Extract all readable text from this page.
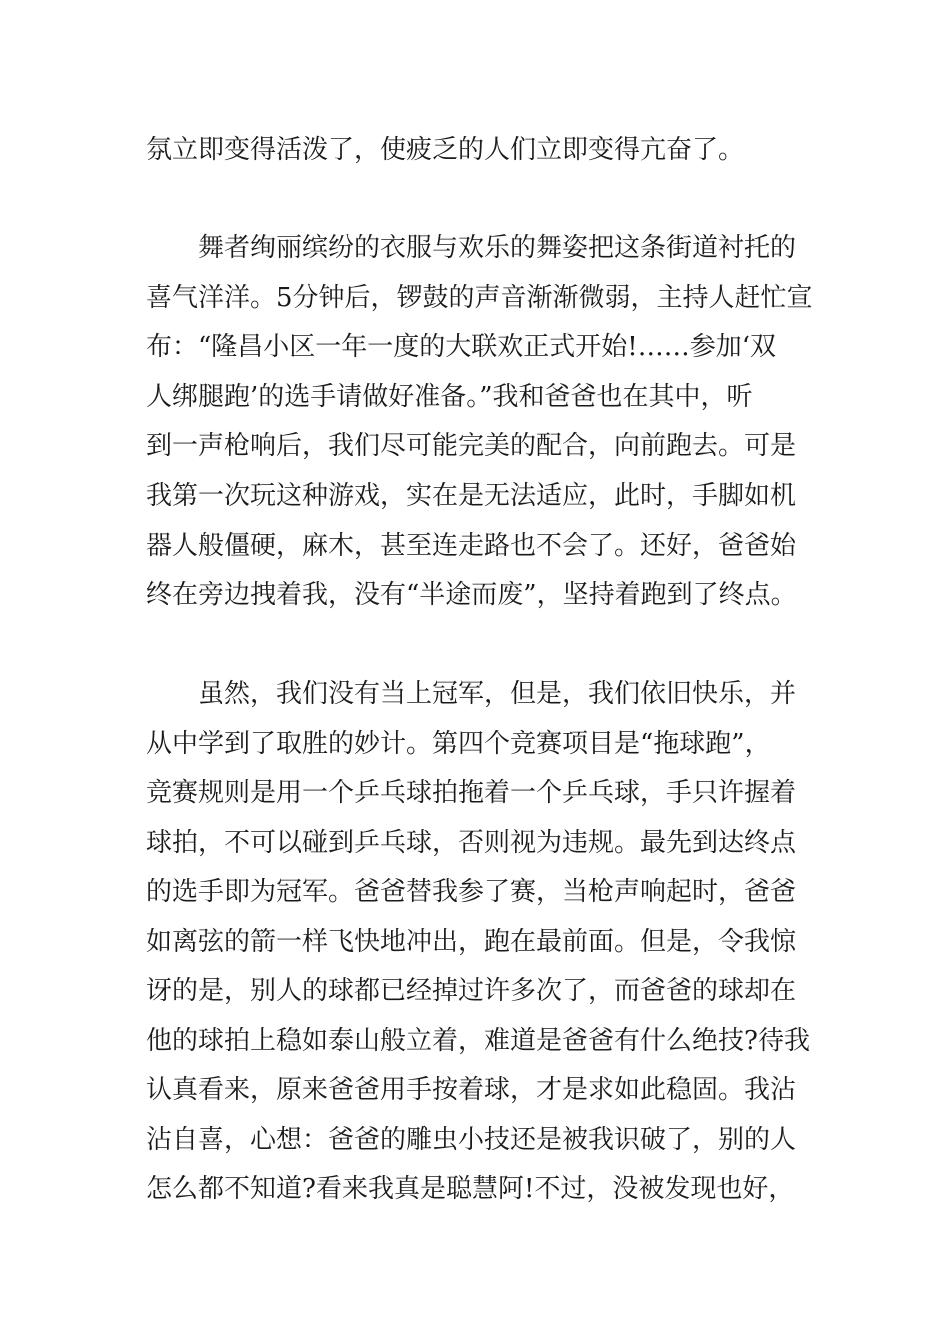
氛立即变得活泼了，使疲乏的人们立即变得亢奋了。
舞者绚丽缤纷的衣服与欢乐的舞姿把这条街道衬托的
喜气洋洋。5分钟后，锣鼓的声音渐渐微弱，主持人赶忙宣
布：“隆昌小区一年一度的大联欢正式开始!……参加‘双
人绑腿跑’的选手请做好准备。”我和爸爸也在其中，听
到一声枪响后，我们尽可能完美的配合，向前跑去。可是
我第一次玩这种游戏，实在是无法适应，此时，手脚如机
器人般僵硬，麻木，甚至连走路也不会了。还好，爸爸始
终在旁边拽着我，没有“半途而废”，坚持着跑到了终点。
虽然，我们没有当上冠军，但是，我们依旧快乐，并
从中学到了取胜的妙计。第四个竞赛项目是“拖球跑”，
竞赛规则是用一个乒乓球拍拖着一个乒乓球，手只许握着
球拍，不可以碰到乒乓球，否则视为违规。最先到达终点
的选手即为冠军。爸爸替我参了赛，当枪声响起时，爸爸
如离弦的箭一样飞快地冲出，跑在最前面。但是，令我惊
讶的是，别人的球都已经掉过许多次了，而爸爸的球却在
他的球拍上稳如泰山般立着，难道是爸爸有什么绝技?待我
认真看来，原来爸爸用手按着球，才是求如此稳固。我沾
沾自喜，心想：爸爸的雕虫小技还是被我识破了，别的人
怎么都不知道?看来我真是聪慧阿!不过，没被发现也好，
